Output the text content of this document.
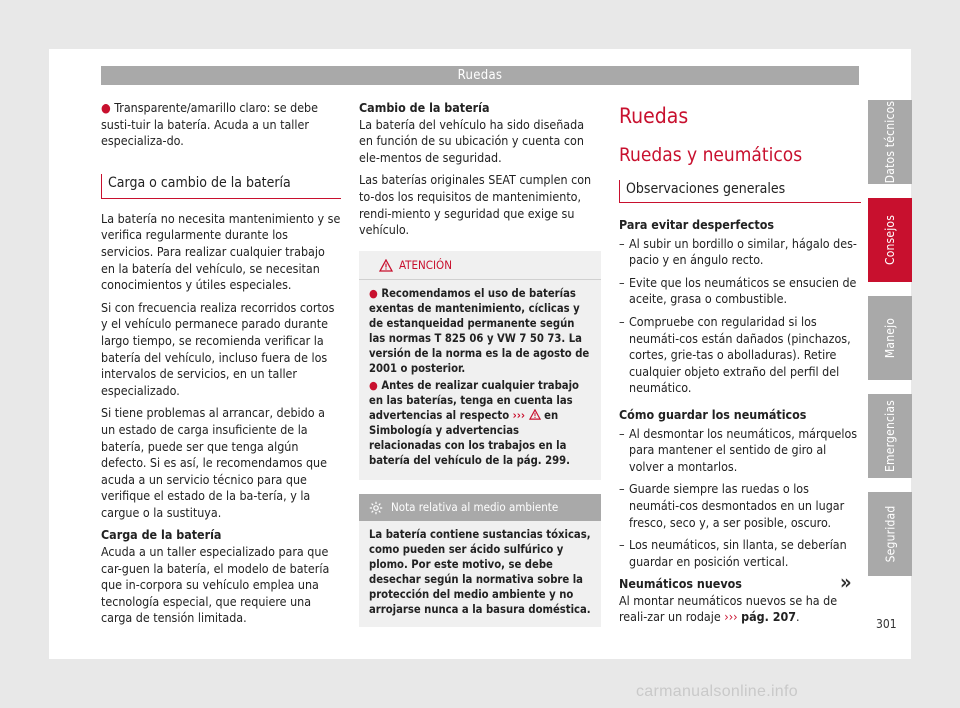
Ruedas

● Transparente/amarillo claro: se debe susti-tuir la batería. Acuda a un taller especializa-do.

Carga o cambio de la batería

La batería no necesita mantenimiento y se verifica regularmente durante los servicios. Para realizar cualquier trabajo en la batería del vehículo, se necesitan conocimientos y útiles especiales.

Si con frecuencia realiza recorridos cortos y el vehículo permanece parado durante largo tiempo, se recomienda verificar la batería del vehículo, incluso fuera de los intervalos de servicios, en un taller especializado.

Si tiene problemas al arrancar, debido a un estado de carga insuficiente de la batería, puede ser que tenga algún defecto. Si es así, le recomendamos que acuda a un servicio técnico para que verifique el estado de la ba-tería, y la cargue o la sustituya.

Carga de la batería

Acuda a un taller especializado para que car-guen la batería, el modelo de batería que in-corpora su vehículo emplea una tecnología especial, que requiere una carga de tensión limitada.

Cambio de la batería

La batería del vehículo ha sido diseñada en función de su ubicación y cuenta con ele-mentos de seguridad.

Las baterías originales SEAT cumplen con to-dos los requisitos de mantenimiento, rendi-miento y seguridad que exige su vehículo.

ATENCIÓN

● Recomendamos el uso de baterías exentas de mantenimiento, cíclicas y de estanqueidad permanente según las normas T 825 06 y VW 7 50 73. La versión de la norma es la de agosto de 2001 o posterior.

● Antes de realizar cualquier trabajo en las baterías, tenga en cuenta las advertencias al respecto ››› en Simbología y advertencias relacionadas con los trabajos en la batería del vehículo de la pág. 299.

Nota relativa al medio ambiente
La batería contiene sustancias tóxicas, como pueden ser ácido sulfúrico y plomo. Por este motivo, se debe desechar según la normativa sobre la protección del medio ambiente y no arrojarse nunca a la basura doméstica.
Ruedas
Ruedas y neumáticos
Observaciones generales

Para evitar desperfectos

– Al subir un bordillo o similar, hágalo des-pacio y en ángulo recto.
– Evite que los neumáticos se ensucien de aceite, grasa o combustible.
– Compruebe con regularidad si los neumáti-cos están dañados (pinchazos, cortes, grie-tas o abolladuras). Retire cualquier objeto extraño del perfil del neumático.

Cómo guardar los neumáticos

– Al desmontar los neumáticos, márquelos para mantener el sentido de giro al volver a montarlos.
– Guarde siempre las ruedas o los neumáti-cos desmontados en un lugar fresco, seco y, a ser posible, oscuro.
– Los neumáticos, sin llanta, se deberían guardar en posición vertical.

Neumáticos nuevos

Al montar neumáticos nuevos se ha de reali-zar un rodaje ››› pág. 207.

»
Datos técnicos
Consejos
Manejo
Emergencias
Seguridad
301
carmanualsonline.info
